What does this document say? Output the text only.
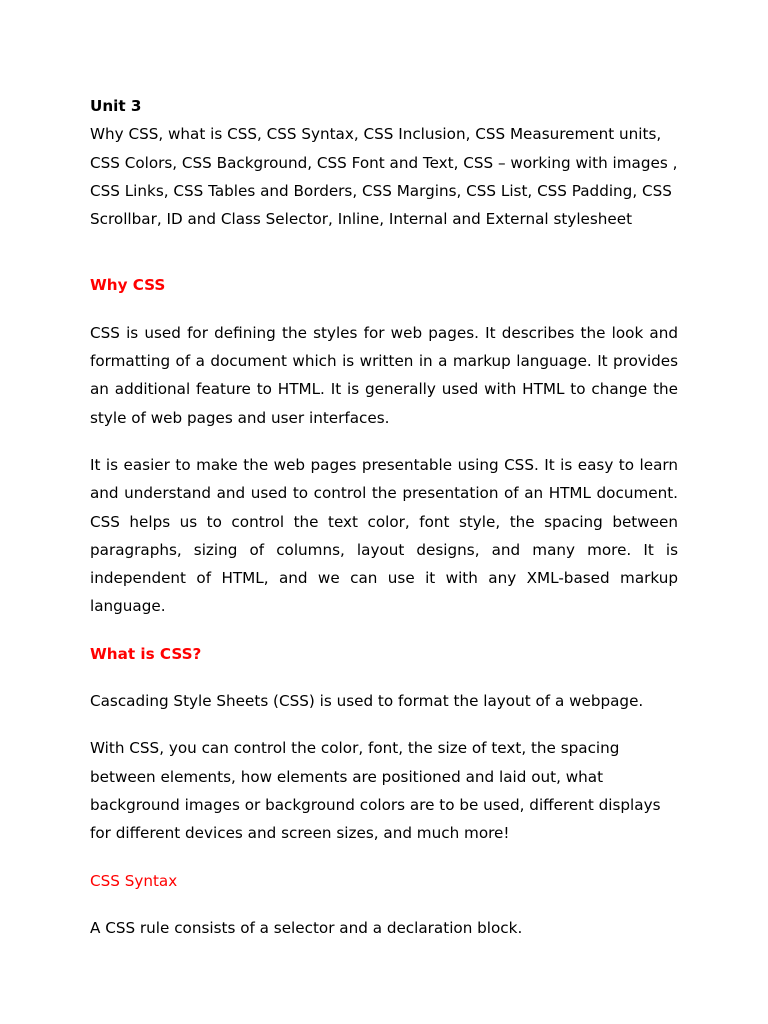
Unit 3

Why CSS, what is CSS, CSS Syntax, CSS Inclusion, CSS Measurement units, CSS Colors, CSS Background, CSS Font and Text, CSS – working with images , CSS Links, CSS Tables and Borders, CSS Margins, CSS List, CSS Padding, CSS Scrollbar, ID and Class Selector, Inline, Internal and External stylesheet

Why CSS

CSS is used for defining the styles for web pages. It describes the look and formatting of a document which is written in a markup language. It provides an additional feature to HTML. It is generally used with HTML to change the style of web pages and user interfaces.

It is easier to make the web pages presentable using CSS. It is easy to learn and understand and used to control the presentation of an HTML document. CSS helps us to control the text color, font style, the spacing between paragraphs, sizing of columns, layout designs, and many more. It is independent of HTML, and we can use it with any XML-based markup language.

What is CSS?

Cascading Style Sheets (CSS) is used to format the layout of a webpage.

With CSS, you can control the color, font, the size of text, the spacing between elements, how elements are positioned and laid out, what background images or background colors are to be used, different displays for different devices and screen sizes, and much more!

CSS Syntax

A CSS rule consists of a selector and a declaration block.
